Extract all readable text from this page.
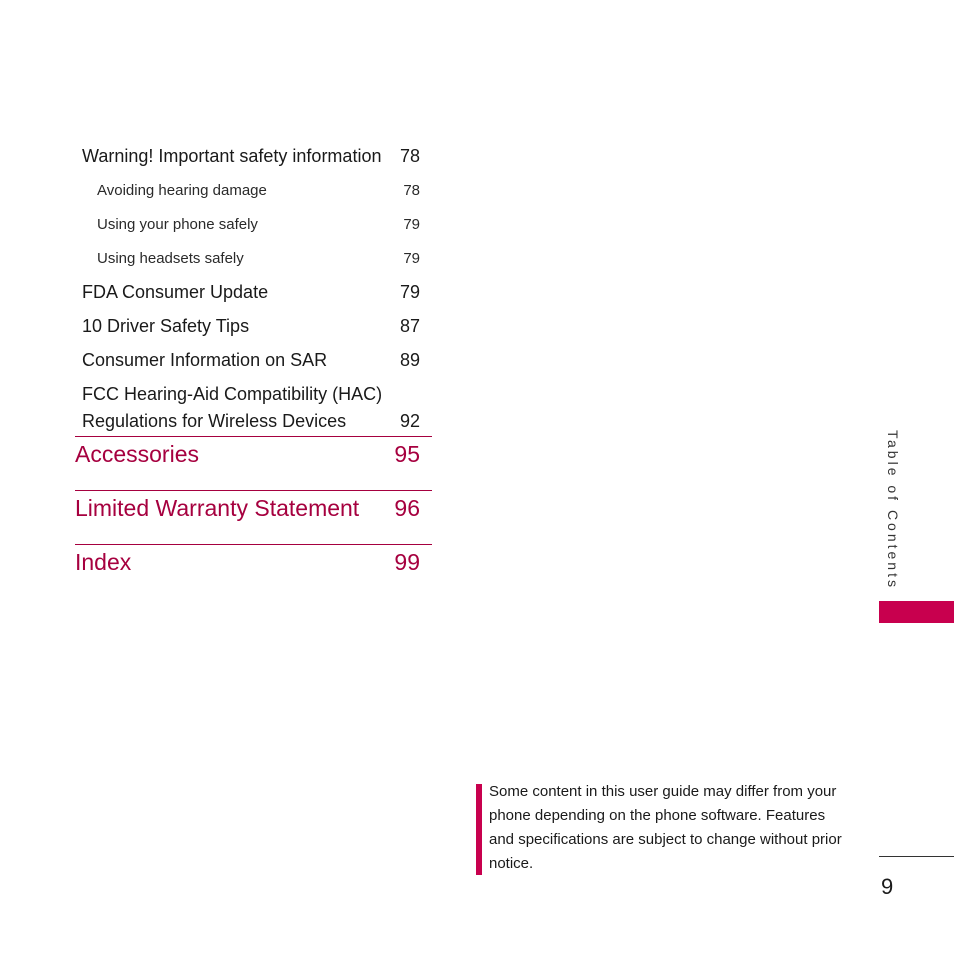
Warning! Important safety information 78
Avoiding hearing damage	78
Using your phone safely	79
Using headsets safely	79
FDA Consumer Update	79
10 Driver Safety Tips	87
Consumer Information on SAR	89
FCC Hearing-Aid Compatibility (HAC)
Regulations for Wireless Devices	92
Accessories	95
Limited Warranty Statement 96
Index	99	Table of Contents
Some content in this user guide may differ from your phone depending on the phone software. Features and specifications are subject to change without prior notice.
9
